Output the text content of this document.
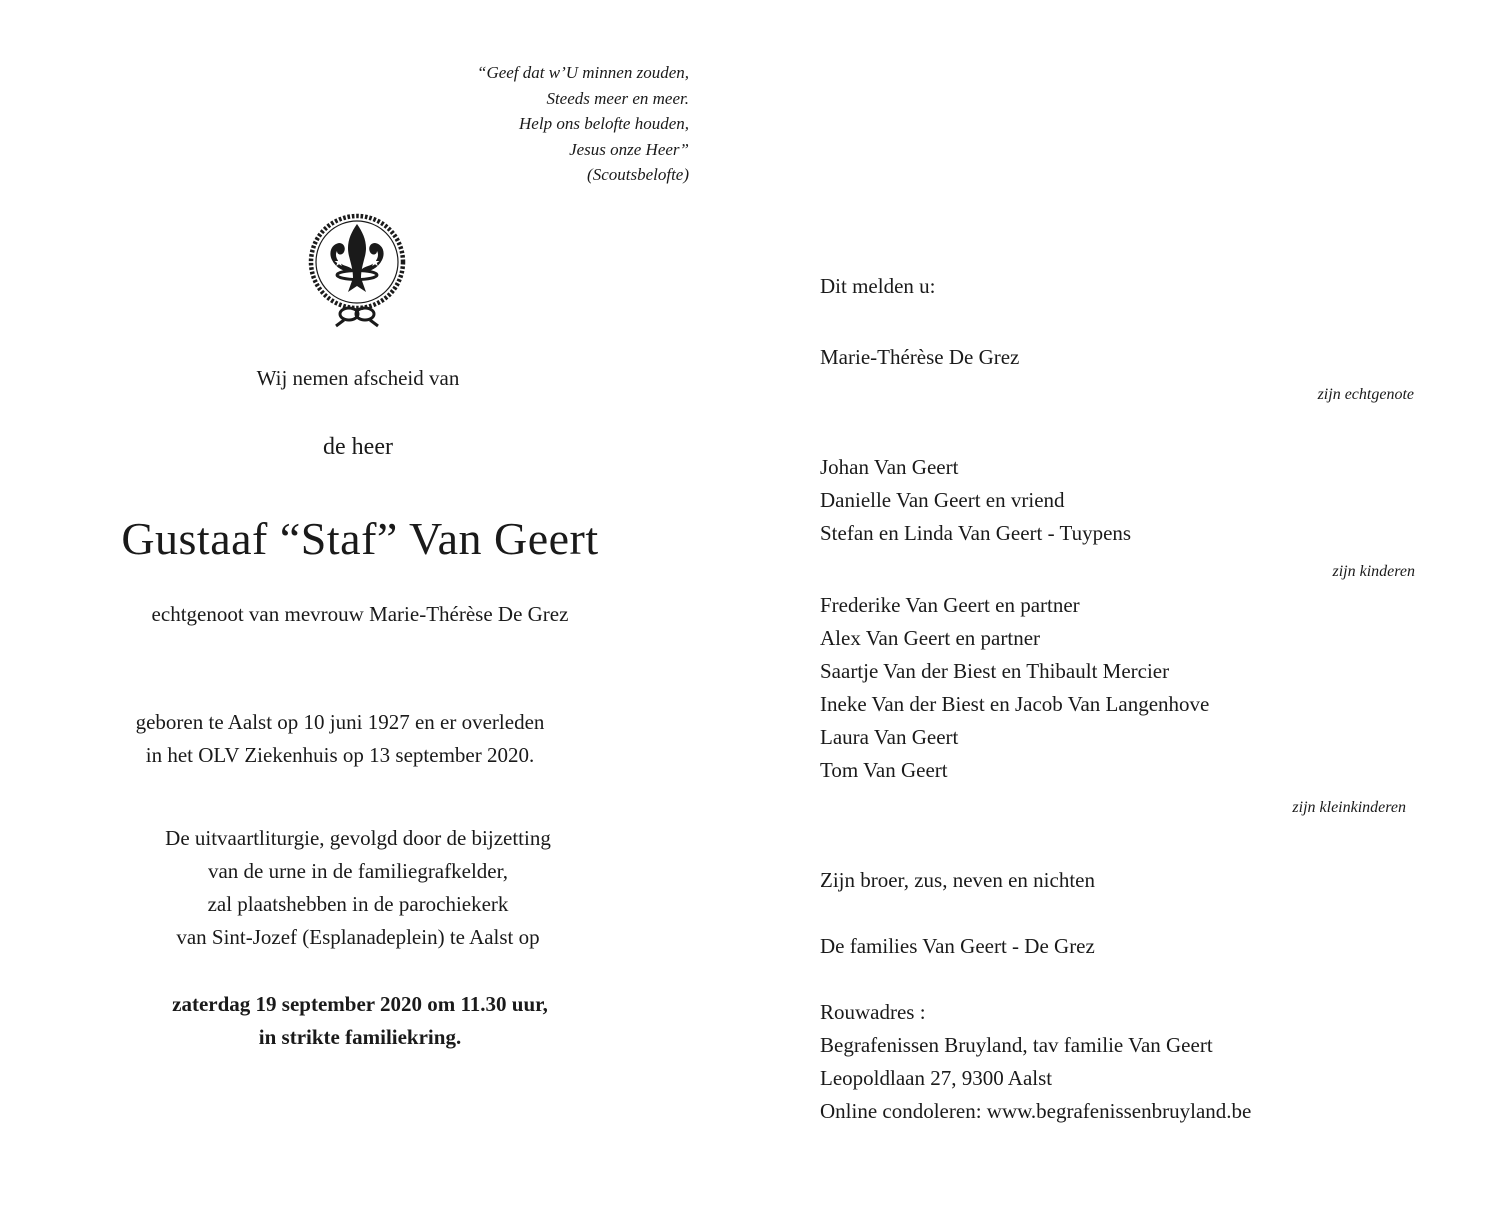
“Geef dat w’U minnen zouden,
Steeds meer en meer.
Help ons belofte houden,
Jesus onze Heer”
(Scoutsbelofte)
Wij nemen afscheid van
de heer
Gustaaf “Staf” Van Geert
echtgenoot van mevrouw Marie-Thérèse De Grez
geboren te Aalst op 10 juni 1927 en er overleden
in het OLV Ziekenhuis op 13 september 2020.
De uitvaartliturgie, gevolgd door de bijzetting
van de urne in de familiegrafkelder,
zal plaatshebben in de parochiekerk
van Sint-Jozef (Esplanadeplein) te Aalst op
zaterdag 19 september 2020 om 11.30 uur,
in strikte familiekring.
Dit melden u:
Marie-Thérèse De Grez
zijn echtgenote
Johan Van Geert
Danielle Van Geert en vriend
Stefan en Linda Van Geert - Tuypens
zijn kinderen
Frederike Van Geert en partner
Alex Van Geert en partner
Saartje Van der Biest en Thibault Mercier
Ineke Van der Biest en Jacob Van Langenhove
Laura Van Geert
Tom Van Geert
zijn kleinkinderen
Zijn broer, zus, neven en nichten
De families Van Geert - De Grez
Rouwadres :
Begrafenissen Bruyland, tav familie Van Geert
Leopoldlaan 27, 9300 Aalst
Online condoleren: www.begrafenissenbruyland.be
